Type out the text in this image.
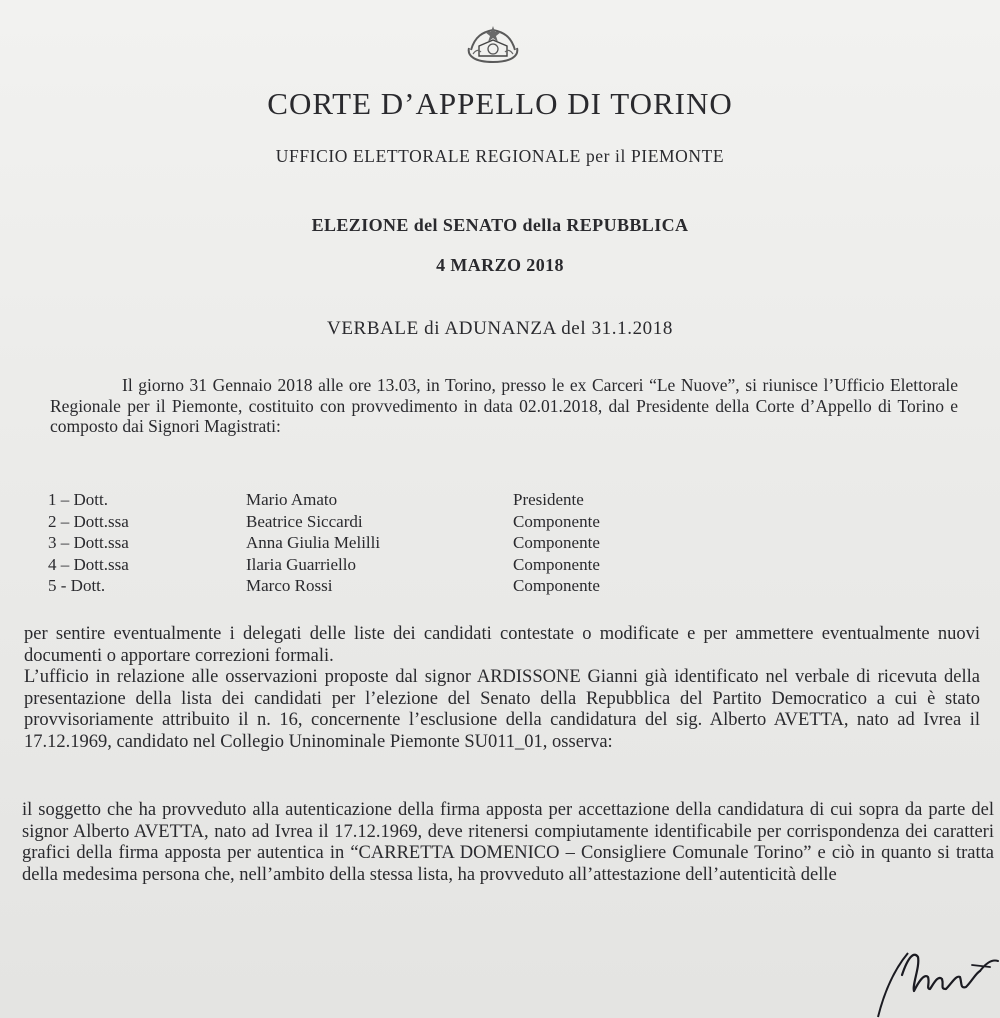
CORTE D’APPELLO DI TORINO
UFFICIO ELETTORALE REGIONALE per il PIEMONTE
ELEZIONE del SENATO della REPUBBLICA
4 MARZO 2018
VERBALE di ADUNANZA del 31.1.2018
Il giorno 31 Gennaio 2018 alle ore 13.03, in Torino, presso le ex Carceri “Le Nuove”, si riunisce l’Ufficio Elettorale Regionale per il Piemonte, costituito con provvedimento in data 02.01.2018, dal Presidente della Corte d’Appello di Torino e composto dai Signori Magistrati:
1 – Dott.	Mario Amato	Presidente
2 – Dott.ssa	Beatrice Siccardi	Componente
3 – Dott.ssa	Anna Giulia Melilli	Componente
4 – Dott.ssa	Ilaria Guarriello	Componente
5 - Dott.	Marco Rossi	Componente
per sentire eventualmente i delegati delle liste dei candidati contestate o modificate e per ammettere eventualmente nuovi documenti o apportare correzioni formali.
L’ufficio in relazione alle osservazioni proposte dal signor ARDISSONE Gianni già identificato nel verbale di ricevuta della presentazione della lista dei candidati per l’elezione del Senato della Repubblica del Partito Democratico a cui è stato provvisoriamente attribuito il n. 16, concernente l’esclusione della candidatura del sig. Alberto AVETTA, nato ad Ivrea il 17.12.1969, candidato nel Collegio Uninominale Piemonte SU011_01, osserva:
il soggetto che ha provveduto alla autenticazione della firma apposta per accettazione della candidatura di cui sopra da parte del signor Alberto AVETTA, nato ad Ivrea il 17.12.1969, deve ritenersi compiutamente identificabile per corrispondenza dei caratteri grafici della firma apposta per autentica in “CARRETTA DOMENICO – Consigliere Comunale Torino” e ciò in quanto si tratta della medesima persona che, nell’ambito della stessa lista, ha provveduto all’attestazione dell’autenticità delle
